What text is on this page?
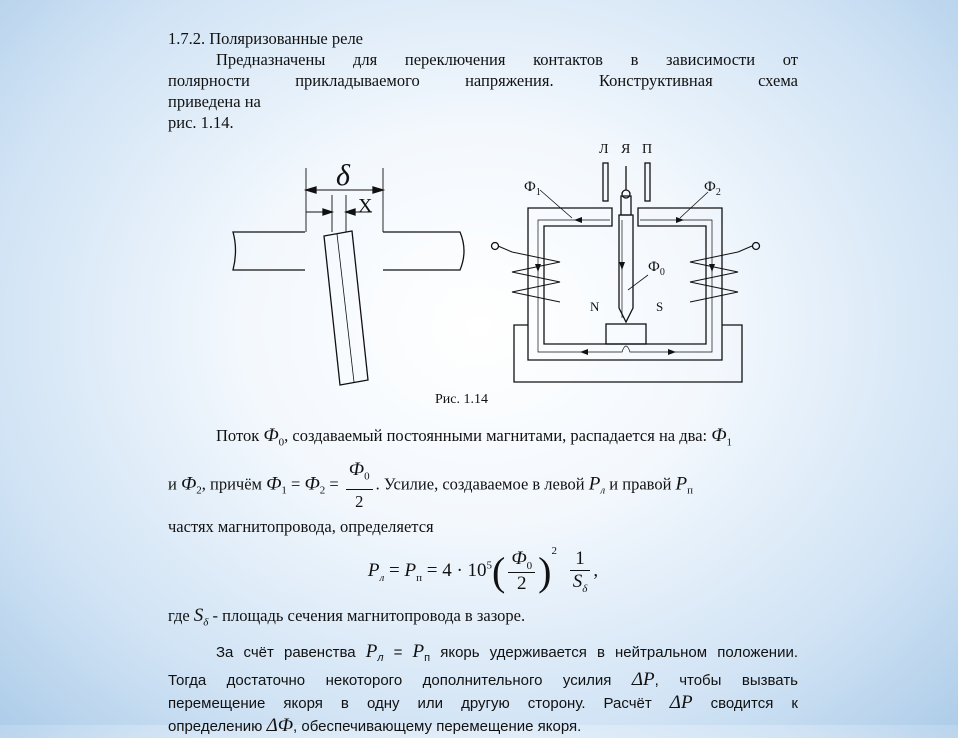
1.7.2. Поляризованные реле

Предназначены для переключения контактов в зависимости от

полярности прикладываемого напряжения. Конструктивная схема

приведена на

рис. 1.14.

δ
X
Л Я П
$Ф_1$	$Ф_2$
$Ф_0$
N	S
Рис. 1.14

Поток $Ф_0$, создаваемый постоянными магнитами, распадается на два: $Ф_1$

и $Ф_2$, причём $Ф_1 = Ф_2 = \frac{Ф_0}{2}$ . Усилие, создаваемое в левой $P_л$ и правой $P_п$

частях магнитопровода, определяется

$P_л = P_п = 4 \cdot 10^5( \frac{Ф_0}{2} )^2 \frac{1}{S_\delta}$ ,

где $S_\delta$ - площадь сечения магнитопровода в зазоре.

За счёт равенства $P_л = P_п$ якорь удерживается в нейтральном положении.

Тогда достаточно некоторого дополнительного усилия ΔP, чтобы вызвать

перемещение якоря в одну или другую сторону. Расчёт ΔP сводится к

определению ΔФ, обеспечивающему перемещение якоря.
